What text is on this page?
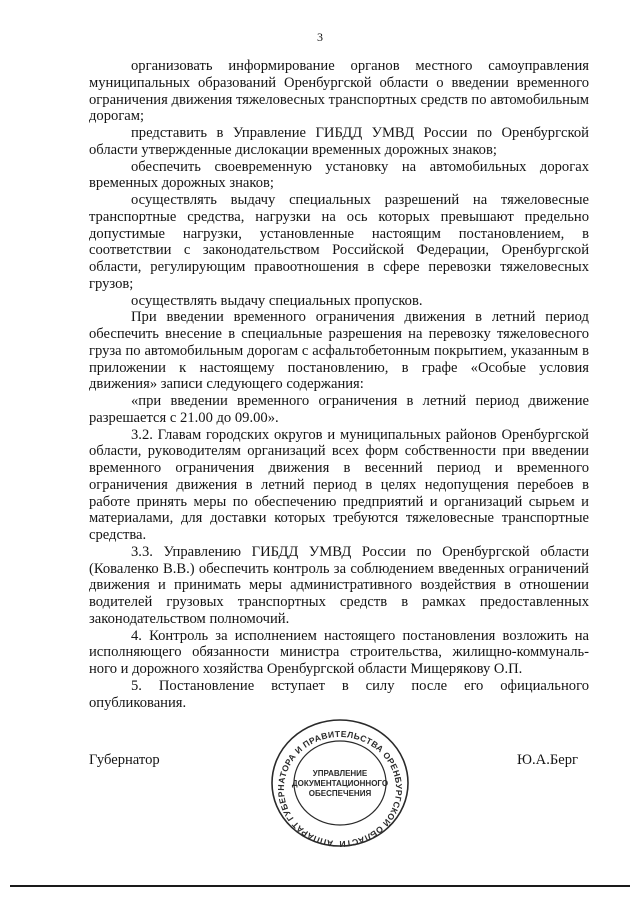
3

организовать информирование органов местного самоуправления муниципальных образований Оренбургской области о введении временного ограничения движения тяжеловесных транспортных средств по автомобильным дорогам;

представить в Управление ГИБДД УМВД России по Оренбургской области утвержденные дислокации временных дорожных знаков;

обеспечить своевременную установку на автомобильных дорогах временных дорожных знаков;

осуществлять выдачу специальных разрешений на тяжеловесные транспортные средства, нагрузки на ось которых превышают предельно допустимые нагрузки, установленные настоящим постановлением, в соответствии с законодательством Российской Федерации, Оренбургской области, регулирующим правоотношения в сфере перевозки тяжеловесных грузов;

осуществлять выдачу специальных пропусков.

При введении временного ограничения движения в летний период обеспечить внесение в специальные разрешения на перевозку тяжеловесного груза по автомобильным дорогам с асфальтобетонным покрытием, указанным в приложении к настоящему постановлению, в графе «Особые условия движения» записи следующего содержания:

«при введении временного ограничения в летний период движение разрешается с 21.00 до 09.00».

3.2. Главам городских округов и муниципальных районов Оренбургской области, руководителям организаций всех форм собственности при введении временного ограничения движения в весенний период и временного ограничения движения в летний период в целях недопущения перебоев в работе принять меры по обеспечению предприятий и организаций сырьем и материалами, для доставки которых требуются тяжеловесные транспортные средства.

3.3. Управлению ГИБДД УМВД России по Оренбургской области (Коваленко В.В.) обеспечить контроль за соблюдением введенных ограничений движения и принимать меры административного воздействия в отношении водителей грузовых транспортных средств в рамках предоставленных законодательством полномочий.

4. Контроль за исполнением настоящего постановления возложить на исполняющего обязанности министра строительства, жилищно-коммуналь-ного и дорожного хозяйства Оренбургской области Мищерякову О.П.

5. Постановление вступает в силу после его официального опубликования.

Губернатор
АППАРАТ ГУБЕРНАТОРА И ПРАВИТЕЛЬСТВА ОРЕНБУРГСКОЙ ОБЛАСТИ
УПРАВЛЕНИЕ
ДОКУМЕНТАЦИОННОГО
ОБЕСПЕЧЕНИЯ
Ю.А.Берг
